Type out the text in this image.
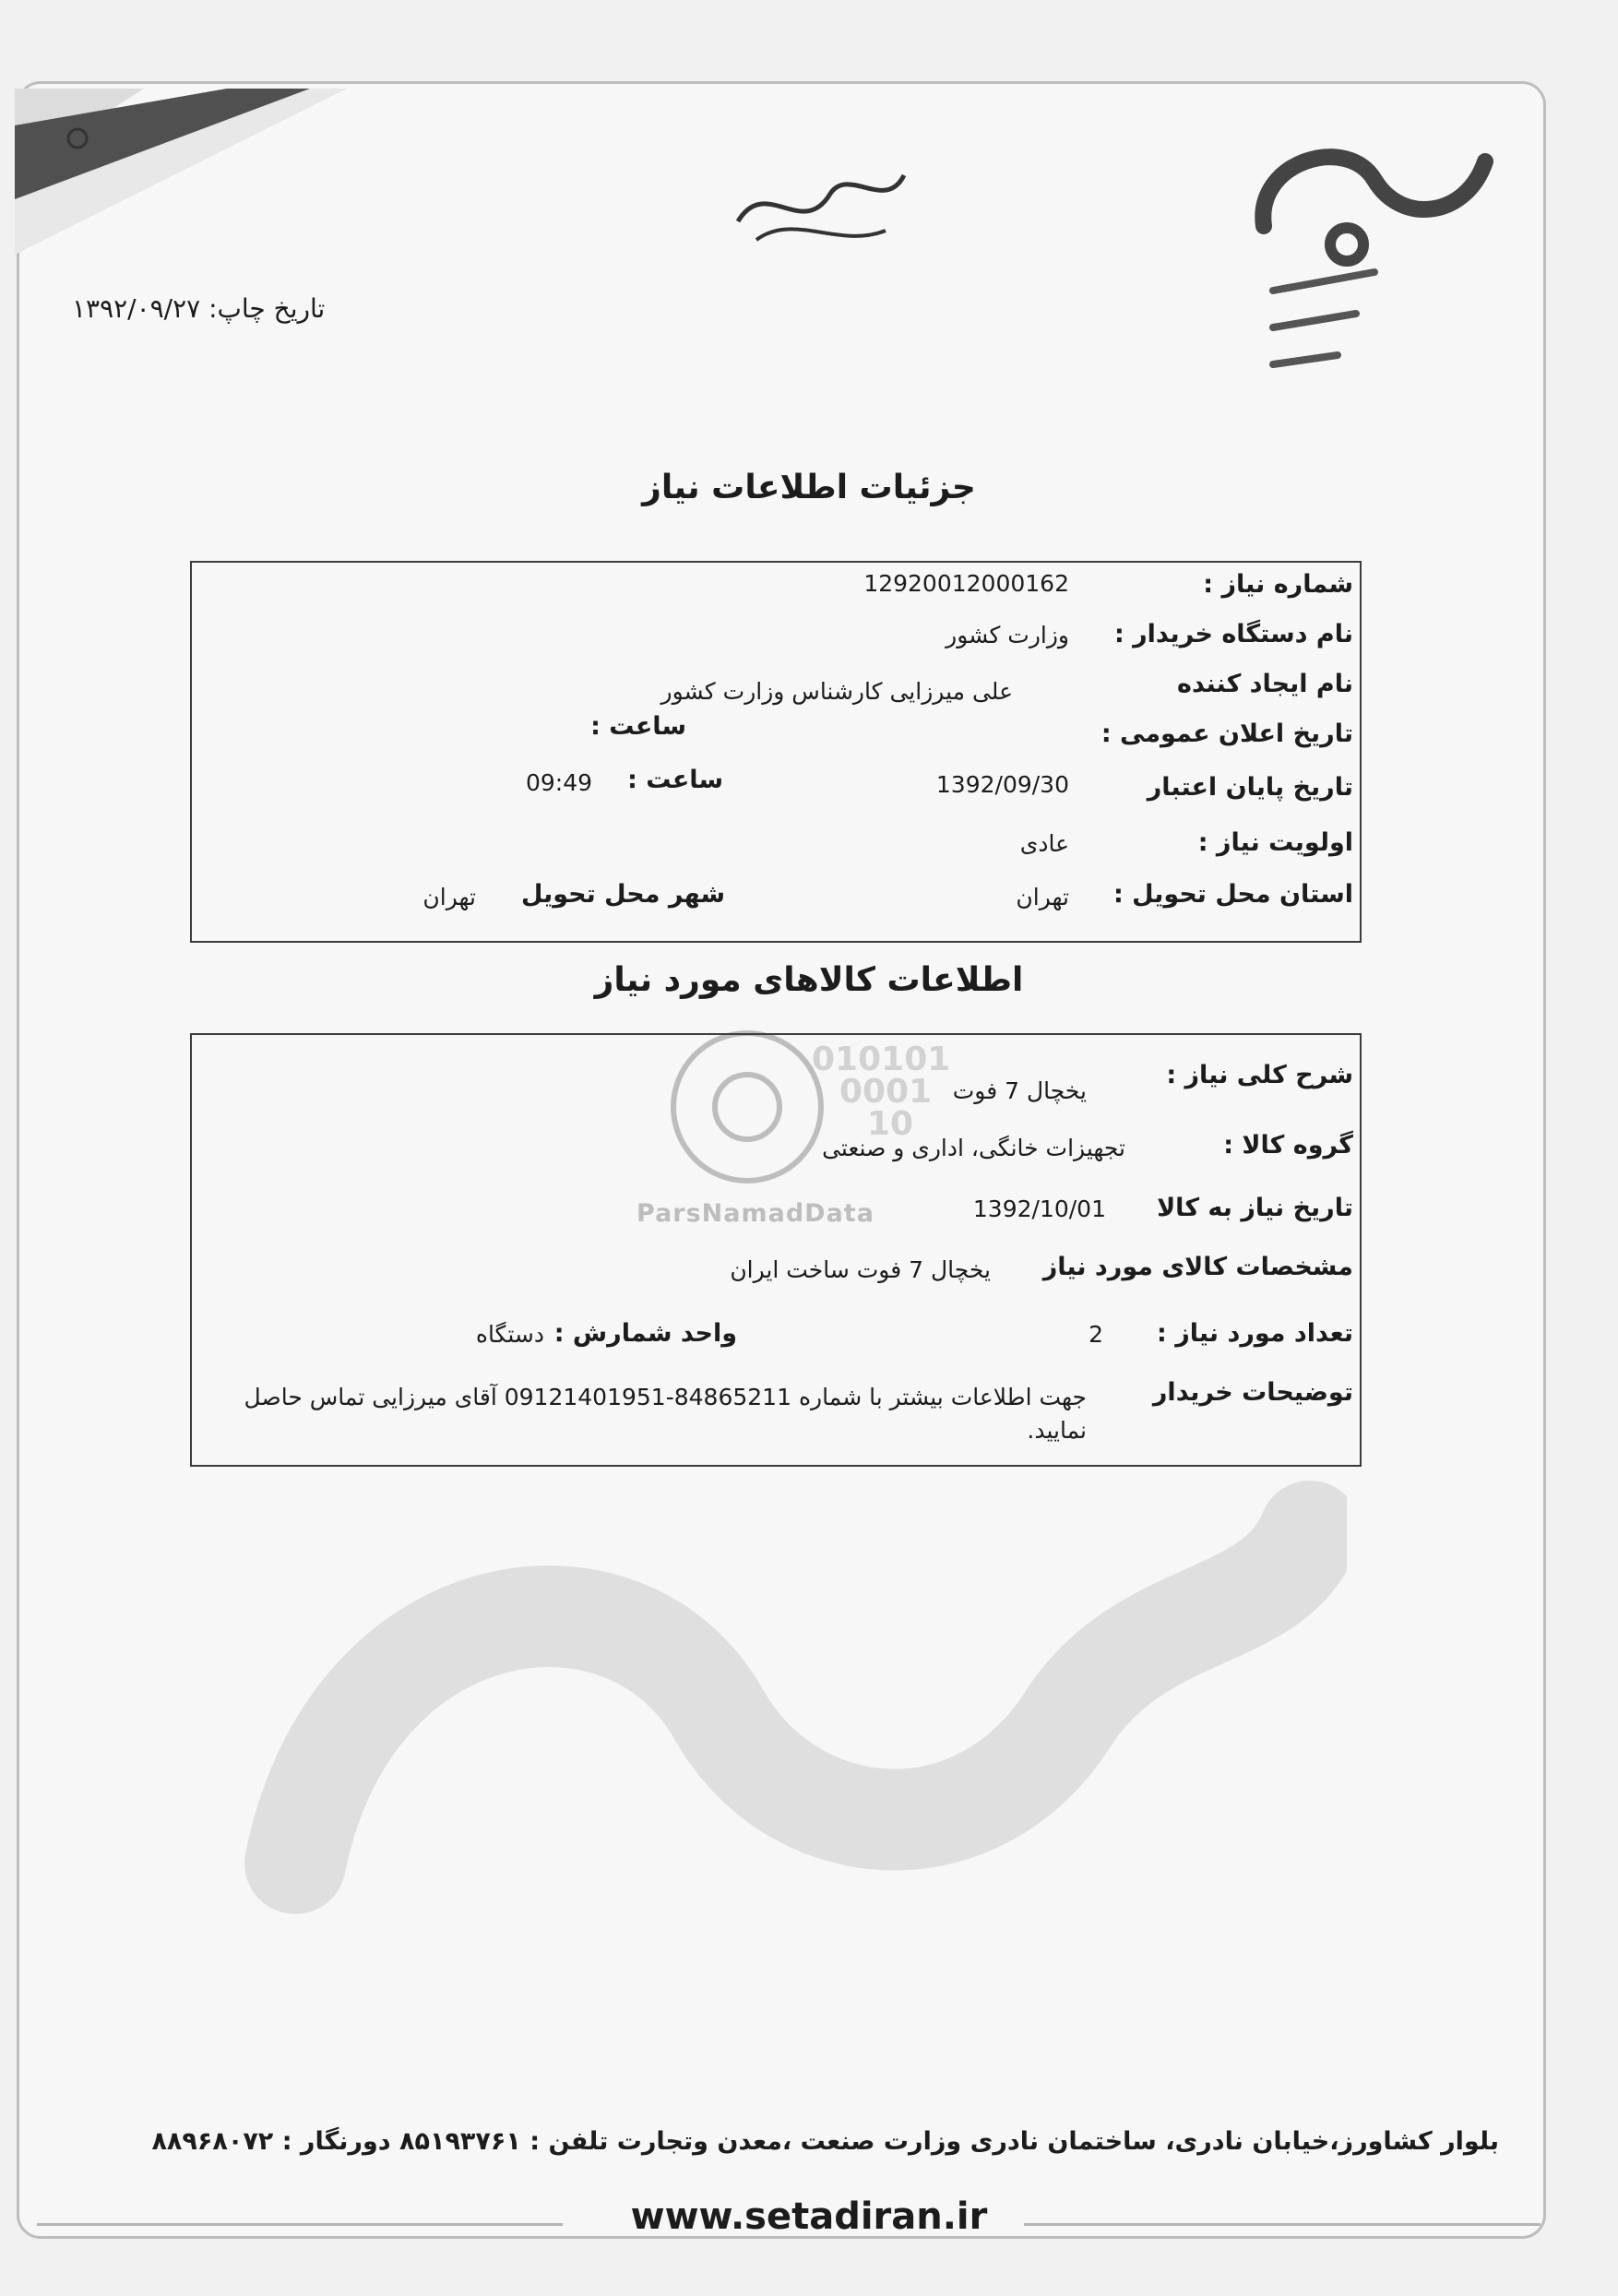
تاریخ چاپ: ۱۳۹۲/۰۹/۲۷
جزئیات اطلاعات نیاز
شماره نیاز :
12920012000162
نام دستگاه خریدار :
وزارت کشور
نام ایجاد کننده
علی میرزایی کارشناس وزارت کشور
تاریخ اعلان عمومی :
ساعت :
تاریخ پایان اعتبار
1392/09/30
ساعت :
09:49
اولویت نیاز :
عادی
استان محل تحویل :
تهران
شهر محل تحویل
تهران
اطلاعات کالاهای مورد نیاز
010101
0001
10
ParsNamadData
شرح کلی نیاز :
یخچال 7 فوت
گروه کالا :
تجهیزات خانگی، اداری و صنعتی
تاریخ نیاز به کالا
1392/10/01
مشخصات کالای مورد نیاز
یخچال 7 فوت ساخت ایران
تعداد مورد نیاز :
2
واحد شمارش :
دستگاه
توضیحات خریدار
جهت اطلاعات بیشتر با شماره 84865211-09121401951 آقای میرزایی تماس حاصل
نمایید.
بلوار کشاورز،خیابان نادری، ساختمان نادری وزارت صنعت ،معدن وتجارت تلفن : ۸۵۱۹۳۷۶۱ دورنگار : ۸۸۹۶۸۰۷۲
www.setadiran.ir
